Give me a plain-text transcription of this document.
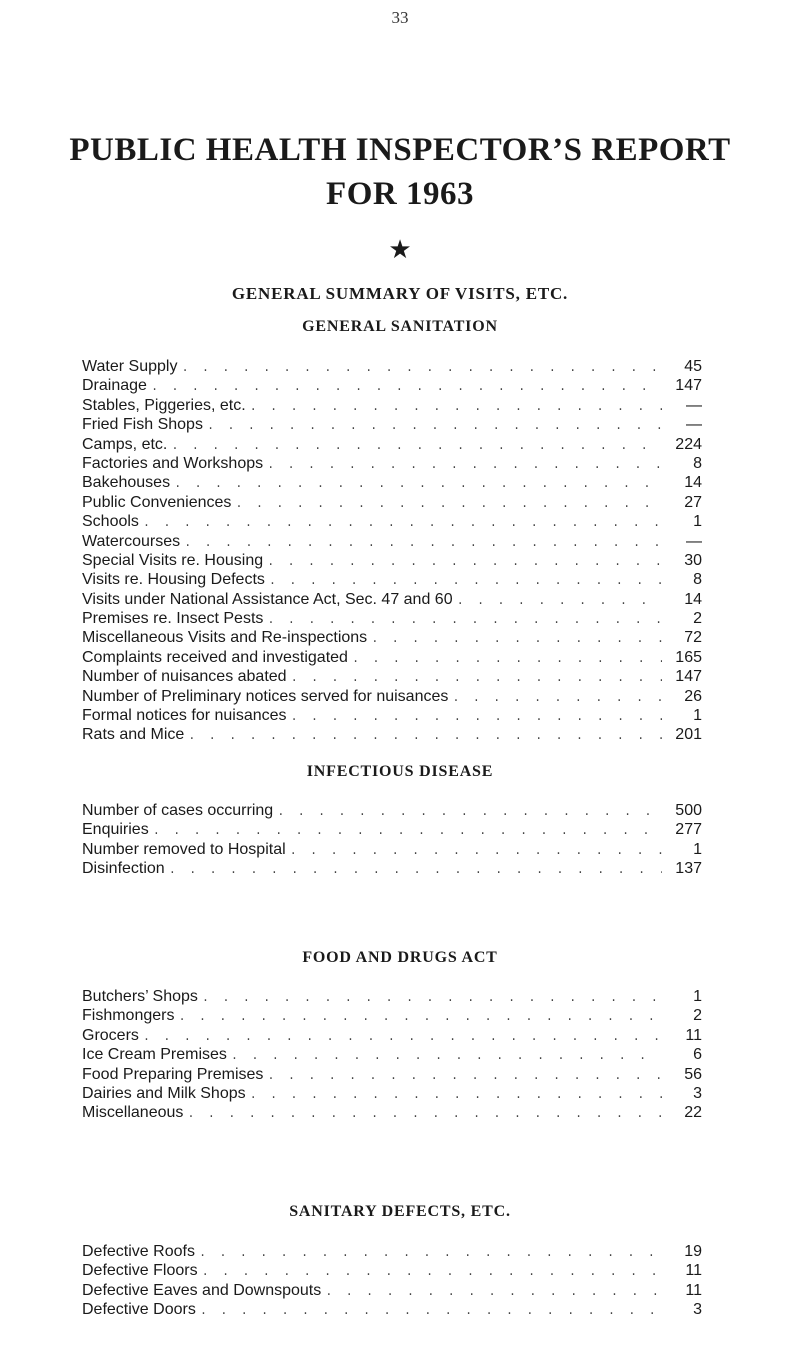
33
PUBLIC HEALTH INSPECTOR’S REPORT
FOR 1963
★
GENERAL SUMMARY OF VISITS, ETC.
GENERAL SANITATION
Water Supply . . .	45
Drainage . . .	147
Stables, Piggeries, etc. . . .	—
Fried Fish Shops . . .	—
Camps, etc. . . .	224
Factories and Workshops . . .	8
Bakehouses . . .	14
Public Conveniences . . .	27
Schools . . .	1
Watercourses . . .	—
Special Visits re. Housing . . .	30
Visits re. Housing Defects . . .	8
Visits under National Assistance Act, Sec. 47 and 60 . . .	14
Premises re. Insect Pests . . .	2
Miscellaneous Visits and Re-inspections . . .	72
Complaints received and investigated . . .	165
Number of nuisances abated . . .	147
Number of Preliminary notices served for nuisances . . .	26
Formal notices for nuisances . . .	1
Rats and Mice . . .	201
INFECTIOUS DISEASE
Number of cases occurring . . .	500
Enquiries . . .	277
Number removed to Hospital . . .	1
Disinfection . . .	137
FOOD AND DRUGS ACT
Butchers’ Shops . . .	1
Fishmongers . . .	2
Grocers . . .	11
Ice Cream Premises . . .	6
Food Preparing Premises . . .	56
Dairies and Milk Shops . . .	3
Miscellaneous . . .	22
SANITARY DEFECTS, ETC.
Defective Roofs . . .	19
Defective Floors . . .	11
Defective Eaves and Downspouts . . .	11
Defective Doors . . .	3
